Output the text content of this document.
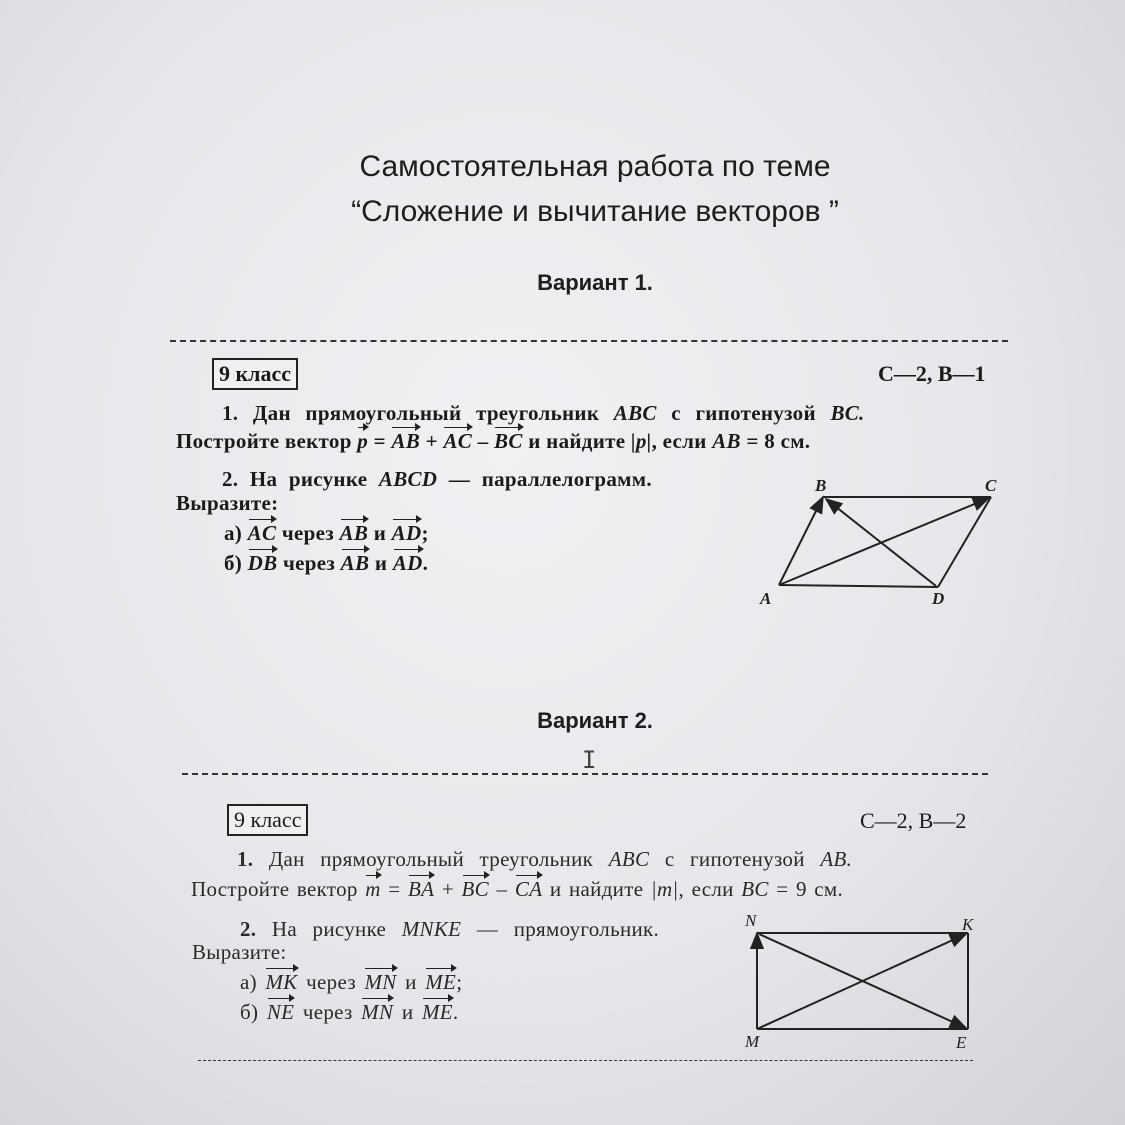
Самостоятельная работа по теме
“Сложение и вычитание векторов ”
Вариант 1.
9 класс	С—2, В—1
1. Дан прямоугольный треугольник ABC с гипотенузой BC.
Постройте вектор p = AB + AC – BC и найдите |p|, если AB = 8 см.
2. На рисунке ABCD — параллелограмм.
Выразите:
а) AC через AB и AD;
б) DB через AB и AD.
B	C
A	D
Вариант 2.
I
9 класс	С—2, В—2
1. Дан прямоугольный треугольник ABC с гипотенузой AB.
Постройте вектор m = BA + BC – CA и найдите |m|, если BC = 9 см.
2. На рисунке MNKE — прямоугольник.
Выразите:
а) MK через MN и ME;
б) NE через MN и ME.
N	K
M	E
